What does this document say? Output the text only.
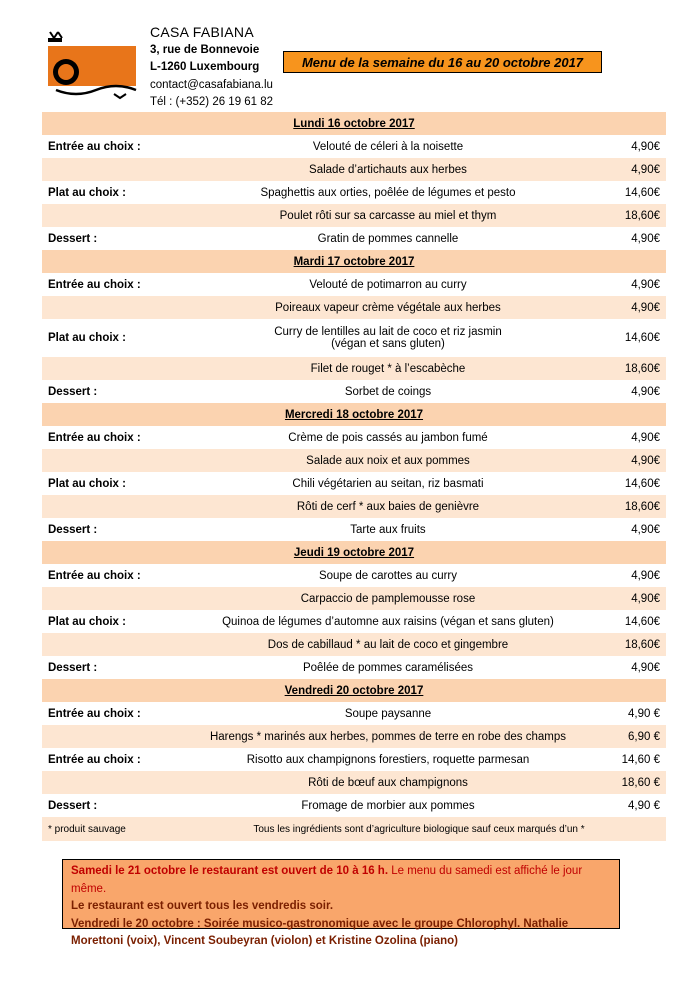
CASA FABIANA
3, rue de Bonnevoie
L-1260 Luxembourg
contact@casafabiana.lu
Tél : (+352) 26 19 61 82
Menu de la semaine du 16 au 20 octobre 2017
Lundi 16 octobre 2017		
Entrée au choix :	Velouté de céleri à la noisette	4,90€

	Salade d’artichauts aux herbes	4,90€
Plat au choix :	Spaghettis aux orties, poêlée de légumes et pesto	14,60€

	Poulet rôti sur sa carcasse au miel et thym	18,60€
Dessert :	Gratin de pommes cannelle	4,90€
Mardi 17 octobre 2017		
Entrée au choix :	Velouté de potimarron au curry	4,90€

	Poireaux vapeur crème végétale aux herbes	4,90€
Plat au choix :	Curry de lentilles au lait de coco et riz jasmin
(végan et sans gluten)	14,60€

	Filet de rouget * à l’escabèche	18,60€
Dessert :	Sorbet de coings	4,90€
Mercredi 18 octobre 2017		
Entrée au choix :	Crème de pois cassés au jambon fumé	4,90€

	Salade aux noix et aux pommes	4,90€
Plat au choix :	Chili végétarien au seitan, riz basmati	14,60€

	Rôti de cerf * aux baies de genièvre	18,60€
Dessert :	Tarte aux fruits	4,90€
Jeudi 19 octobre 2017		
Entrée au choix :	Soupe de carottes au curry	4,90€

	Carpaccio de pamplemousse rose	4,90€
Plat au choix :	Quinoa de légumes d’automne aux raisins (végan et sans gluten)	14,60€

	Dos de cabillaud * au lait de coco et gingembre	18,60€
Dessert :	Poêlée de pommes caramélisées	4,90€
Vendredi 20 octobre 2017		
Entrée au choix :	Soupe paysanne	4,90 €

	Harengs * marinés aux herbes, pommes de terre en robe des champs	6,90 €
Entrée au choix :	Risotto aux champignons forestiers, roquette parmesan	14,60 €

	Rôti de bœuf aux champignons	18,60 €
Dessert :	Fromage de morbier aux pommes	4,90 €
* produit sauvage	Tous les ingrédients sont d’agriculture biologique sauf ceux marqués d’un *	
Samedi le 21 octobre le restaurant est ouvert de 10 à 16 h. Le menu du samedi est affiché le jour même.
Le restaurant est ouvert tous les vendredis soir.
Vendredi le 20 octobre : Soirée musico-gastronomique avec le groupe Chlorophyl. Nathalie Morettoni (voix), Vincent Soubeyran (violon) et Kristine Ozolina (piano)
